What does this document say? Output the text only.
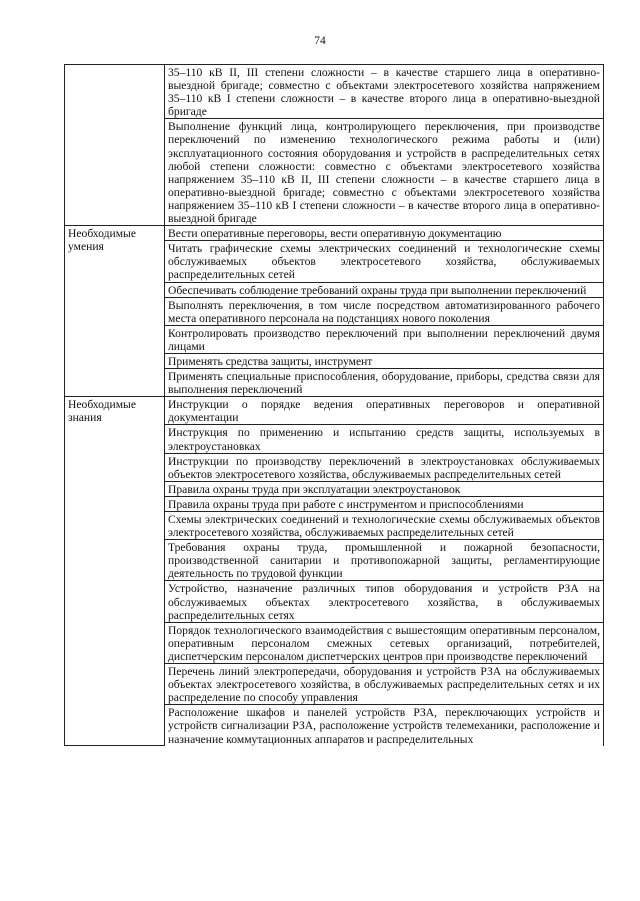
74
	35–110 кВ II, III степени сложности – в качестве старшего лица в оперативно-выездной бригаде; совместно с объектами электросетевого хозяйства напряжением 35–110 кВ I степени сложности – в качестве второго лица в оперативно-выездной бригаде
	Выполнение функций лица, контролирующего переключения, при производстве переключений по изменению технологического режима работы и (или) эксплуатационного состояния оборудования и устройств в распределительных сетях любой степени сложности: совместно с объектами электросетевого хозяйства напряжением 35–110 кВ II, III степени сложности – в качестве старшего лица в оперативно-выездной бригаде; совместно с объектами электросетевого хозяйства напряжением 35–110 кВ I степени сложности – в качестве второго лица в оперативно-выездной бригаде
Необходимые умения	Вести оперативные переговоры, вести оперативную документацию
	Читать графические схемы электрических соединений и технологические схемы обслуживаемых объектов электросетевого хозяйства, обслуживаемых распределительных сетей
	Обеспечивать соблюдение требований охраны труда при выполнении переключений
	Выполнять переключения, в том числе посредством автоматизированного рабочего места оперативного персонала на подстанциях нового поколения
	Контролировать производство переключений при выполнении переключений двумя лицами
	Применять средства защиты, инструмент
	Применять специальные приспособления, оборудование, приборы, средства связи для выполнения переключений
Необходимые знания	Инструкции о порядке ведения оперативных переговоров и оперативной документации
	Инструкция по применению и испытанию средств защиты, используемых в электроустановках
	Инструкции по производству переключений в электроустановках обслуживаемых объектов электросетевого хозяйства, обслуживаемых распределительных сетей
	Правила охраны труда при эксплуатации электроустановок
	Правила охраны труда при работе с инструментом и приспособлениями
	Схемы электрических соединений и технологические схемы обслуживаемых объектов электросетевого хозяйства, обслуживаемых распределительных сетей
	Требования охраны труда, промышленной и пожарной безопасности, производственной санитарии и противопожарной защиты, регламентирующие деятельность по трудовой функции
	Устройство, назначение различных типов оборудования и устройств РЗА на обслуживаемых объектах электросетевого хозяйства, в обслуживаемых распределительных сетях
	Порядок технологического взаимодействия с вышестоящим оперативным персоналом, оперативным персоналом смежных сетевых организаций, потребителей, диспетчерским персоналом диспетчерских центров при производстве переключений
	Перечень линий электропередачи, оборудования и устройств РЗА на обслуживаемых объектах электросетевого хозяйства, в обслуживаемых распределительных сетях и их распределение по способу управления
	Расположение шкафов и панелей устройств РЗА, переключающих устройств и устройств сигнализации РЗА, расположение устройств телемеханики, расположение и назначение коммутационных аппаратов и распределительных
